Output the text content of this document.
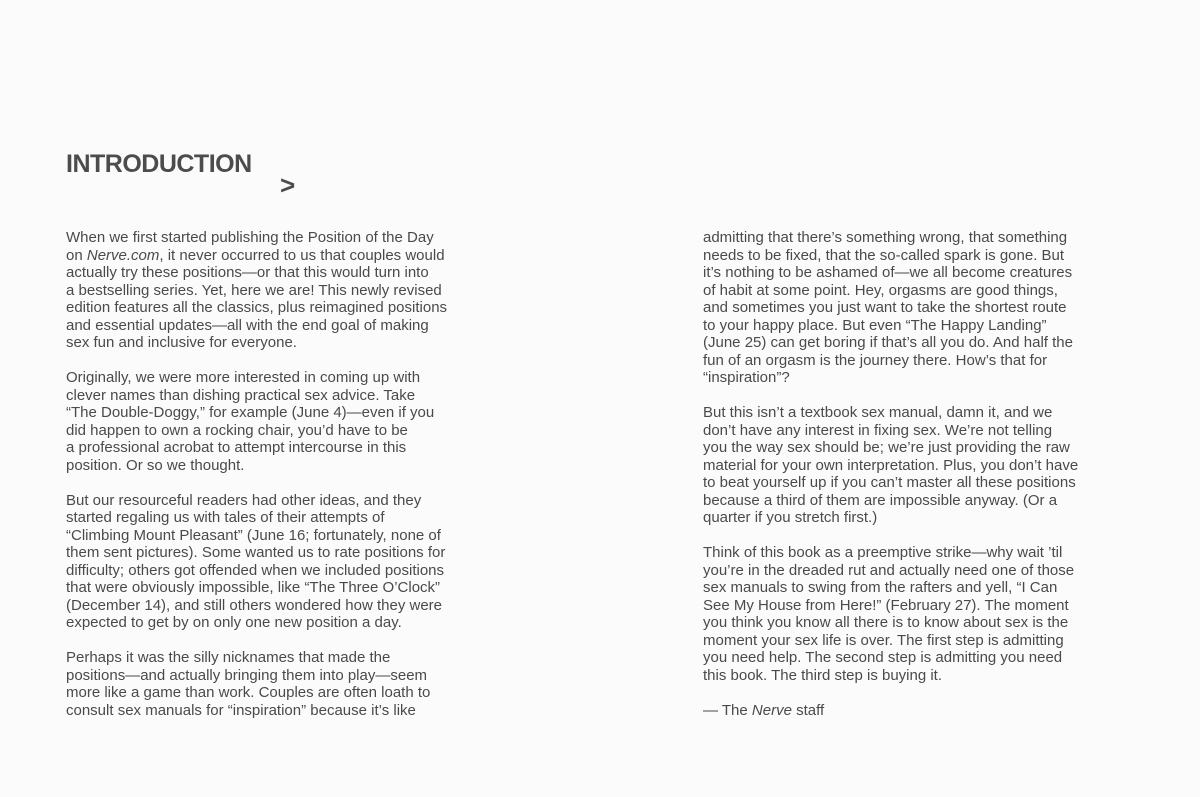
INTRODUCTION
>

When we first started publishing the Position of the Day
on Nerve.com, it never occurred to us that couples would
actually try these positions—or that this would turn into
a bestselling series. Yet, here we are! This newly revised
edition features all the classics, plus reimagined positions
and essential updates—all with the end goal of making
sex fun and inclusive for everyone.

Originally, we were more interested in coming up with
clever names than dishing practical sex advice. Take
“The Double-Doggy,” for example (June 4)—even if you
did happen to own a rocking chair, you’d have to be
a professional acrobat to attempt intercourse in this
position. Or so we thought.

But our resourceful readers had other ideas, and they
started regaling us with tales of their attempts of
“Climbing Mount Pleasant” (June 16; fortunately, none of
them sent pictures). Some wanted us to rate positions for
difficulty; others got offended when we included positions
that were obviously impossible, like “The Three O’Clock”
(December 14), and still others wondered how they were
expected to get by on only one new position a day.

Perhaps it was the silly nicknames that made the
positions—and actually bringing them into play—seem
more like a game than work. Couples are often loath to
consult sex manuals for “inspiration” because it’s like

admitting that there’s something wrong, that something
needs to be fixed, that the so-called spark is gone. But
it’s nothing to be ashamed of—we all become creatures
of habit at some point. Hey, orgasms are good things,
and sometimes you just want to take the shortest route
to your happy place. But even “The Happy Landing”
(June 25) can get boring if that’s all you do. And half the
fun of an orgasm is the journey there. How’s that for
“inspiration”?

But this isn’t a textbook sex manual, damn it, and we
don’t have any interest in fixing sex. We’re not telling
you the way sex should be; we’re just providing the raw
material for your own interpretation. Plus, you don’t have
to beat yourself up if you can’t master all these positions
because a third of them are impossible anyway. (Or a
quarter if you stretch first.)

Think of this book as a preemptive strike—why wait ’til
you’re in the dreaded rut and actually need one of those
sex manuals to swing from the rafters and yell, “I Can
See My House from Here!” (February 27). The moment
you think you know all there is to know about sex is the
moment your sex life is over. The first step is admitting
you need help. The second step is admitting you need
this book. The third step is buying it.

— The Nerve staff
